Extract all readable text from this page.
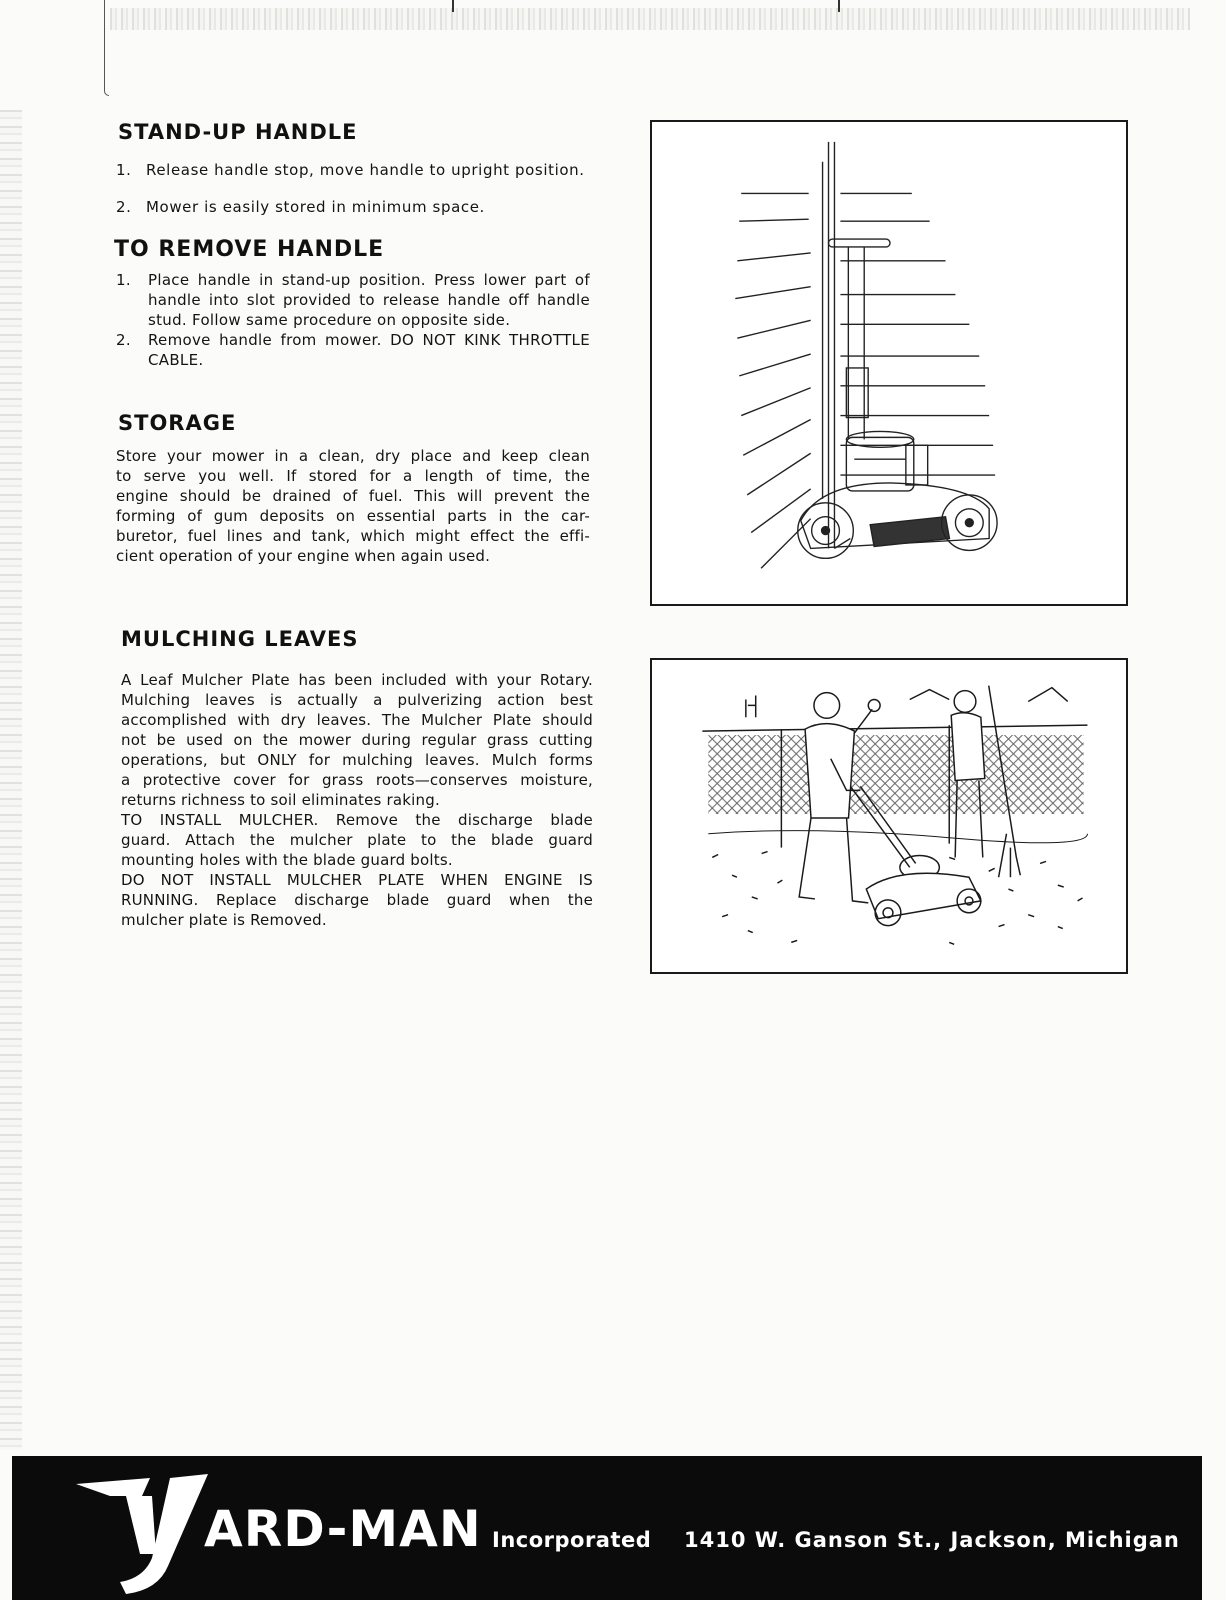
STAND-UP HANDLE

1. Release handle stop, move handle to upright position.

2. Mower is easily stored in minimum space.

TO REMOVE HANDLE
1. Place handle in stand-up position. Press lower part of handle into slot provided to release handle off handle stud. Follow same procedure on opposite side.
2. Remove handle from mower. DO NOT KINK THROTTLE CABLE.
STORAGE
Store your mower in a clean, dry place and keep clean
to serve you well. If stored for a length of time, the
engine should be drained of fuel. This will prevent the
forming of gum deposits on essential parts in the car-
buretor, fuel lines and tank, which might effect the effi-
cient operation of your engine when again used.
MULCHING LEAVES
A Leaf Mulcher Plate has been included with your Rotary.
Mulching leaves is actually a pulverizing action best
accomplished with dry leaves. The Mulcher Plate should
not be used on the mower during regular grass cutting
operations, but ONLY for mulching leaves. Mulch forms
a protective cover for grass roots—conserves moisture,
returns richness to soil eliminates raking.
TO INSTALL MULCHER. Remove the discharge blade
guard. Attach the mulcher plate to the blade guard
mounting holes with the blade guard bolts.
DO NOT INSTALL MULCHER PLATE WHEN ENGINE IS
RUNNING. Replace discharge blade guard when the
mulcher plate is Removed.
ARD-MAN Incorporated 1410 W. Ganson St., Jackson, Michigan
